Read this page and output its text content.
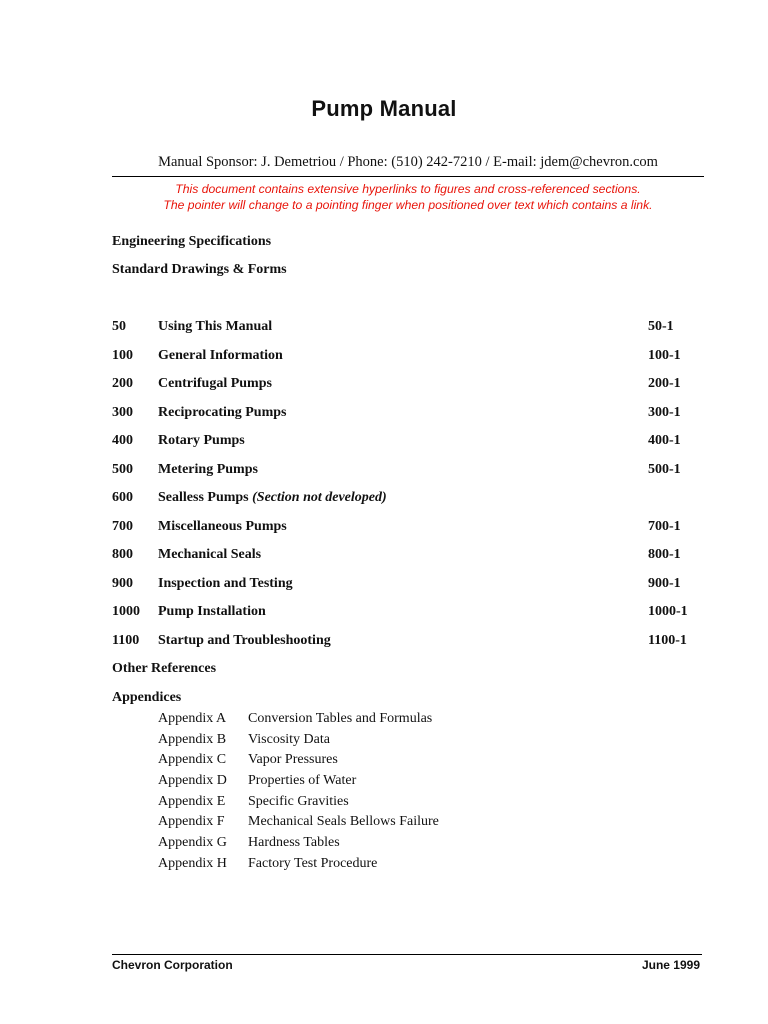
Pump Manual
Manual Sponsor: J. Demetriou / Phone: (510) 242-7210 / E-mail: jdem@chevron.com
This document contains extensive hyperlinks to figures and cross-referenced sections.
The pointer will change to a pointing finger when positioned over text which contains a link.
Engineering Specifications
Standard Drawings & Forms
50 Using This Manual	50-1
100 General Information	100-1
200 Centrifugal Pumps	200-1
300 Reciprocating Pumps	300-1
400 Rotary Pumps	400-1
500 Metering Pumps	500-1
600 Sealless Pumps (Section not developed)
700 Miscellaneous Pumps	700-1
800 Mechanical Seals	800-1
900 Inspection and Testing	900-1
1000 Pump Installation	1000-1
1100 Startup and Troubleshooting	1100-1
Other References
Appendices
Appendix A Conversion Tables and Formulas
Appendix B Viscosity Data
Appendix C Vapor Pressures
Appendix D Properties of Water
Appendix E Specific Gravities
Appendix F Mechanical Seals Bellows Failure
Appendix G Hardness Tables
Appendix H Factory Test Procedure
Chevron Corporation	June 1999
